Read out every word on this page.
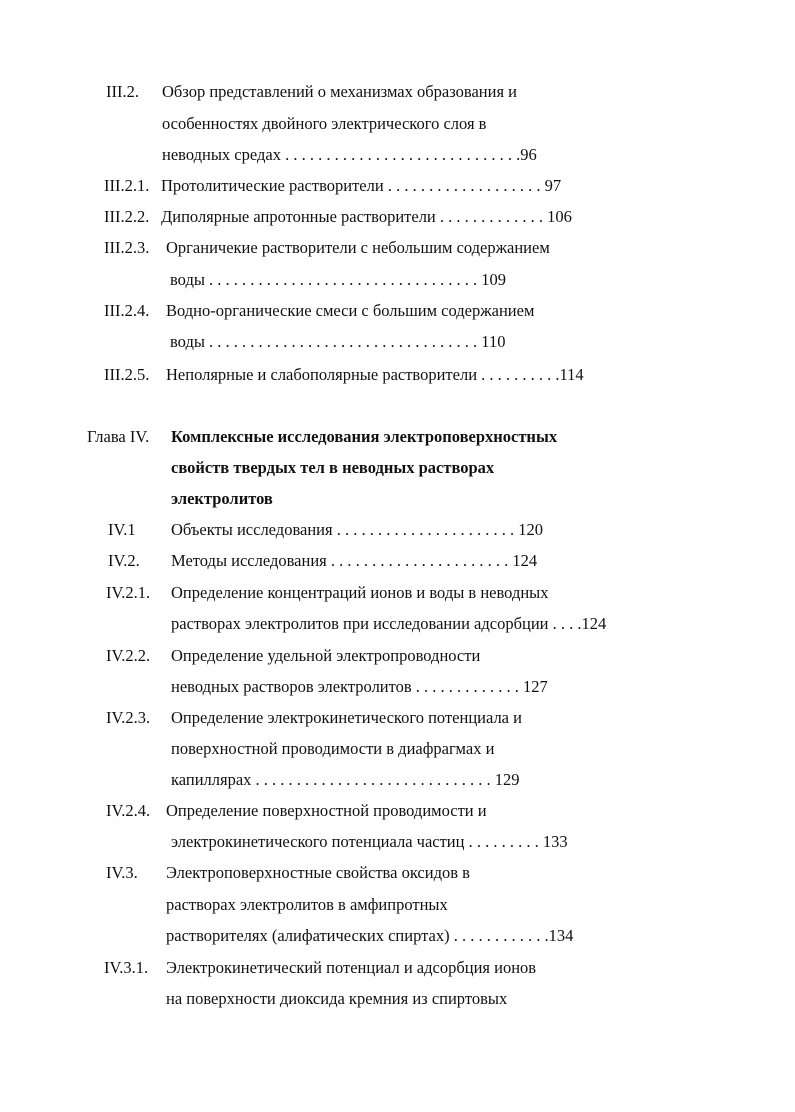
III.2. Обзор представлений о механизмах образования и
особенностях двойного электрического слоя в
неводных средах . . . . . . . . . . . . . . . . . . . . . . . . . . . . .96
III.2.1. Протолитические растворители . . . . . . . . . . . . . . . . . . . 97
III.2.2. Диполярные апротонные растворители . . . . . . . . . . . . . 106
III.2.3. Органичекие растворители с небольшим содержанием
воды . . . . . . . . . . . . . . . . . . . . . . . . . . . . . . . . . 109
III.2.4. Водно-органические смеси с большим содержанием
воды . . . . . . . . . . . . . . . . . . . . . . . . . . . . . . . . . 110
III.2.5. Неполярные и слабополярные растворители . . . . . . . . . .114
Глава IV. Комплексные исследования электроповерхностных
свойств твердых тел в неводных растворах
электролитов
IV.1 Объекты исследования . . . . . . . . . . . . . . . . . . . . . . 120
IV.2. Методы исследования . . . . . . . . . . . . . . . . . . . . . . 124
IV.2.1. Определение концентраций ионов и воды в неводных
растворах электролитов при исследовании адсорбции . . . .124
IV.2.2. Определение удельной электропроводности
неводных растворов электролитов . . . . . . . . . . . . . 127
IV.2.3. Определение электрокинетического потенциала и
поверхностной проводимости в диафрагмах и
капиллярах . . . . . . . . . . . . . . . . . . . . . . . . . . . . . 129
IV.2.4. Определение поверхностной проводимости и
электрокинетического потенциала частиц . . . . . . . . . 133
IV.3. Электроповерхностные свойства оксидов в
растворах электролитов в амфипротных
растворителях (алифатических спиртах) . . . . . . . . . . . .134
IV.3.1. Электрокинетический потенциал и адсорбция ионов
на поверхности диоксида кремния из спиртовых
